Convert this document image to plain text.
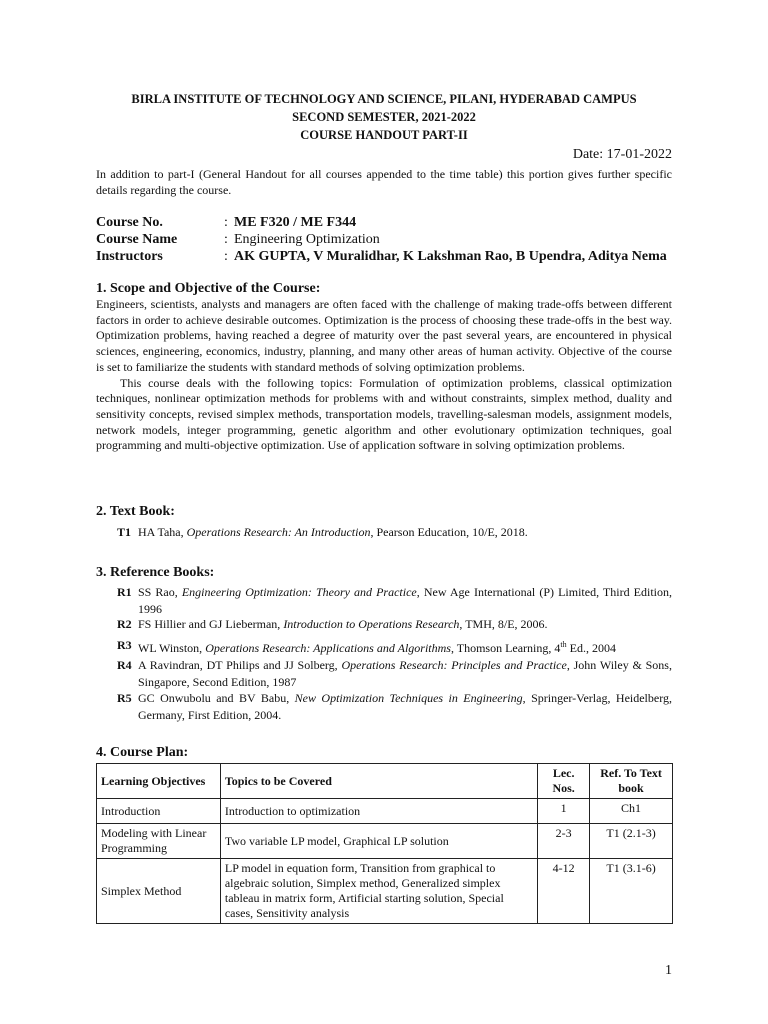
BIRLA INSTITUTE OF TECHNOLOGY AND SCIENCE, PILANI, HYDERABAD CAMPUS
SECOND SEMESTER, 2021-2022
COURSE HANDOUT PART-II
Date: 17-01-2022
In addition to part-I (General Handout for all courses appended to the time table) this portion gives further specific details regarding the course.
Course No.	: ME F320 / ME F344
Course Name	: Engineering Optimization
Instructors	: AK GUPTA, V Muralidhar, K Lakshman Rao, B Upendra, Aditya Nema
1. Scope and Objective of the Course:

Engineers, scientists, analysts and managers are often faced with the challenge of making trade-offs between different factors in order to achieve desirable outcomes. Optimization is the process of choosing these trade-offs in the best way. Optimization problems, having reached a degree of maturity over the past several years, are encountered in physical sciences, engineering, economics, industry, planning, and many other areas of human activity. Objective of the course is set to familiarize the students with standard methods of solving optimization problems.

This course deals with the following topics: Formulation of optimization problems, classical optimization techniques, nonlinear optimization methods for problems with and without constraints, simplex method, duality and sensitivity concepts, revised simplex methods, transportation models, travelling-salesman models, assignment models, network models, integer programming, genetic algorithm and other evolutionary optimization techniques, goal programming and multi-objective optimization. Use of application software in solving optimization problems.

2. Text Book:
T1 HA Taha, Operations Research: An Introduction, Pearson Education, 10/E, 2018.
3. Reference Books:
R1 SS Rao, Engineering Optimization: Theory and Practice, New Age International (P) Limited, Third Edition, 1996
R2 FS Hillier and GJ Lieberman, Introduction to Operations Research, TMH, 8/E, 2006.
R3 WL Winston, Operations Research: Applications and Algorithms, Thomson Learning, 4th Ed., 2004
R4 A Ravindran, DT Philips and JJ Solberg, Operations Research: Principles and Practice, John Wiley & Sons, Singapore, Second Edition, 1987
R5 GC Onwubolu and BV Babu, New Optimization Techniques in Engineering, Springer-Verlag, Heidelberg, Germany, First Edition, 2004.
4. Course Plan:
Learning Objectives	Topics to be Covered	Lec. Nos.	Ref. To Text book
Introduction	Introduction to optimization	1	Ch1
Modeling with Linear Programming	Two variable LP model, Graphical LP solution	2-3	T1 (2.1-3)
Simplex Method	LP model in equation form, Transition from graphical to algebraic solution, Simplex method, Generalized simplex tableau in matrix form, Artificial starting solution, Special cases, Sensitivity analysis	4-12	T1 (3.1-6)
1
